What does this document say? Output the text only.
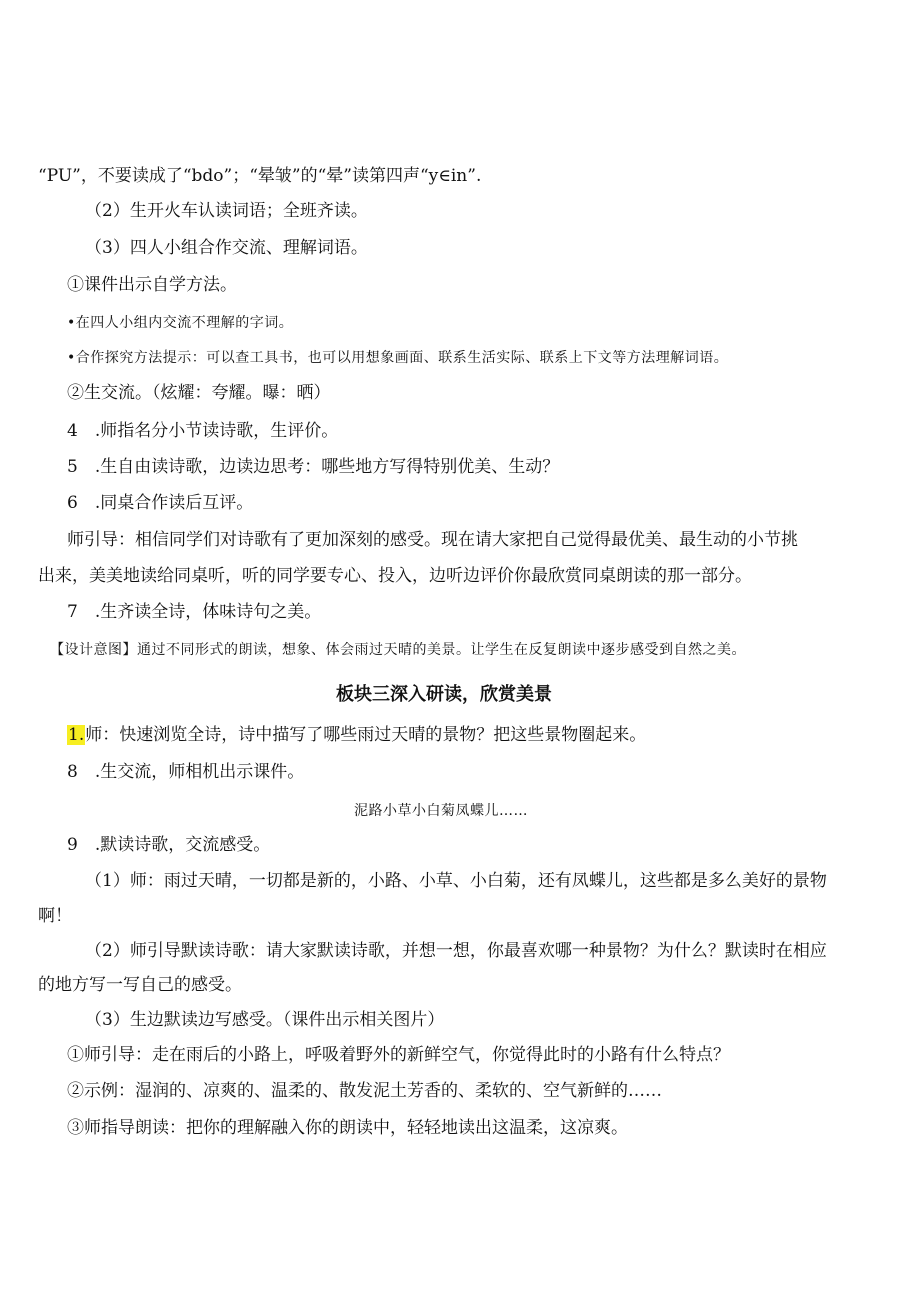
“PU”，不要读成了“bdo”；“晕皱”的“晕”读第四声“y∈in”.
（2）生开火车认读词语；全班齐读。
（3）四人小组合作交流、理解词语。
①课件出示自学方法。
•在四人小组内交流不理解的字词。
•合作探究方法提示：可以查工具书，也可以用想象画面、联系生活实际、联系上下文等方法理解词语。
②生交流。（炫耀：夸耀。曝：晒）
4　.师指名分小节读诗歌，生评价。
5　.生自由读诗歌，边读边思考：哪些地方写得特别优美、生动？
6　.同桌合作读后互评。
师引导：相信同学们对诗歌有了更加深刻的感受。现在请大家把自己觉得最优美、最生动的小节挑
出来，美美地读给同桌听，听的同学要专心、投入，边听边评价你最欣赏同桌朗读的那一部分。
7　.生齐读全诗，体味诗句之美。
【设计意图】通过不同形式的朗读，想象、体会雨过天晴的美景。让学生在反复朗读中逐步感受到自然之美。
板块三深入研读，欣赏美景
1.师：快速浏览全诗，诗中描写了哪些雨过天晴的景物？把这些景物圈起来。
8　.生交流，师相机出示课件。
泥路小草小白菊凤蝶儿……
9　.默读诗歌，交流感受。
（1）师：雨过天晴，一切都是新的，小路、小草、小白菊，还有凤蝶儿，这些都是多么美好的景物
啊！
（2）师引导默读诗歌：请大家默读诗歌，并想一想，你最喜欢哪一种景物？为什么？默读时在相应
的地方写一写自己的感受。
（3）生边默读边写感受。（课件出示相关图片）
①师引导：走在雨后的小路上，呼吸着野外的新鲜空气，你觉得此时的小路有什么特点？
②示例：湿润的、凉爽的、温柔的、散发泥土芳香的、柔软的、空气新鲜的……
③师指导朗读：把你的理解融入你的朗读中，轻轻地读出这温柔，这凉爽。
